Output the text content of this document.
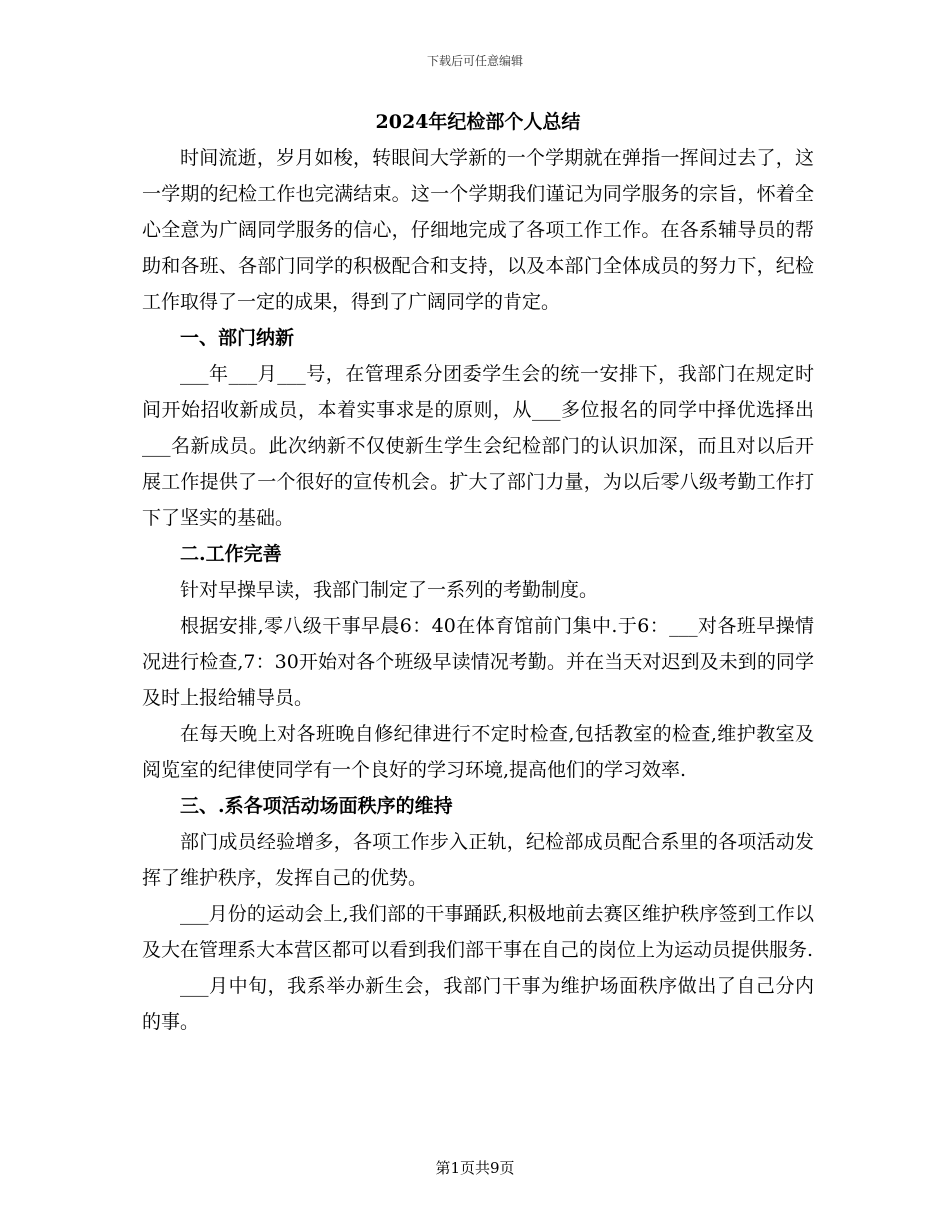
下载后可任意编辑
2024年纪检部个人总结

时间流逝，岁月如梭，转眼间大学新的一个学期就在弹指一挥间过去了，这一学期的纪检工作也完满结束。这一个学期我们谨记为同学服务的宗旨，怀着全心全意为广阔同学服务的信心，仔细地完成了各项工作工作。在各系辅导员的帮助和各班、各部门同学的积极配合和支持，以及本部门全体成员的努力下，纪检工作取得了一定的成果，得到了广阔同学的肯定。

一、部门纳新

___年___月___号，在管理系分团委学生会的统一安排下，我部门在规定时间开始招收新成员，本着实事求是的原则，从___多位报名的同学中择优选择出___名新成员。此次纳新不仅使新生学生会纪检部门的认识加深，而且对以后开展工作提供了一个很好的宣传机会。扩大了部门力量，为以后零八级考勤工作打下了坚实的基础。

二.工作完善

针对早操早读，我部门制定了一系列的考勤制度。

根据安排,零八级干事早晨6：40在体育馆前门集中.于6：___对各班早操情况进行检查,7：30开始对各个班级早读情况考勤。并在当天对迟到及未到的同学及时上报给辅导员。

在每天晚上对各班晚自修纪律进行不定时检查,包括教室的检查,维护教室及阅览室的纪律使同学有一个良好的学习环境,提高他们的学习效率.

三、.系各项活动场面秩序的维持

部门成员经验增多，各项工作步入正轨，纪检部成员配合系里的各项活动发挥了维护秩序，发挥自己的优势。

___月份的运动会上,我们部的干事踊跃,积极地前去赛区维护秩序签到工作以及大在管理系大本营区都可以看到我们部干事在自己的岗位上为运动员提供服务.

___月中旬，我系举办新生会，我部门干事为维护场面秩序做出了自己分内的事。

第1页共9页
